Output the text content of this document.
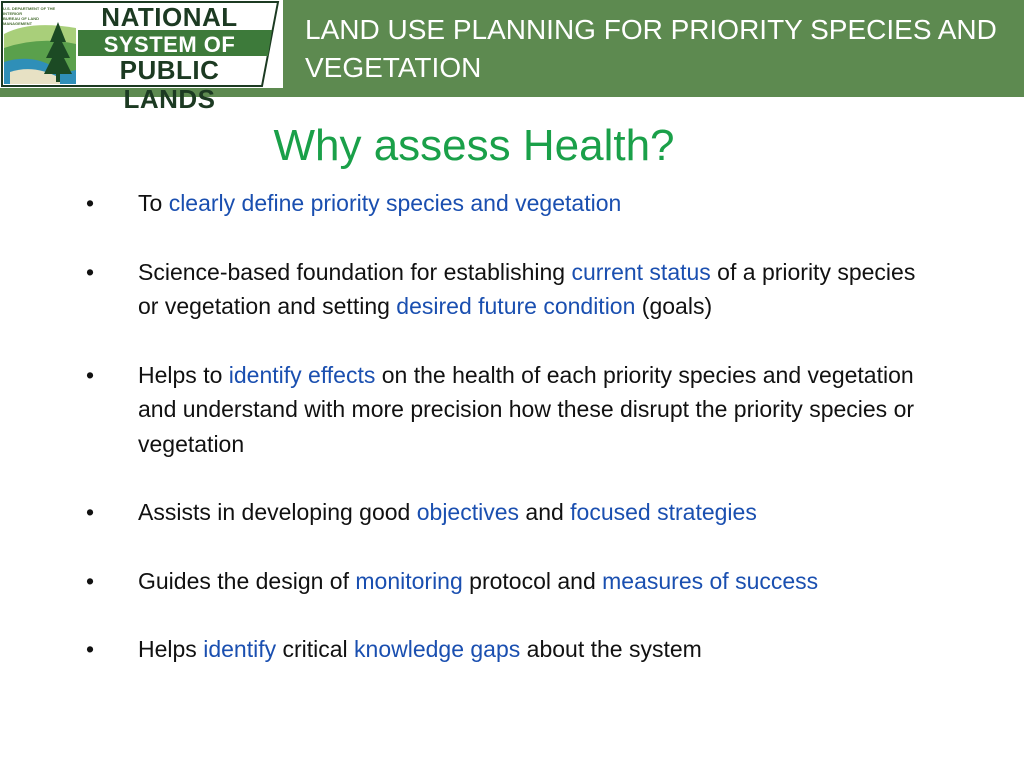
U.S. DEPARTMENT OF THE INTERIOR
BUREAU OF LAND MANAGEMENT	NATIONAL
SYSTEM OF
PUBLIC LANDS
LAND USE PLANNING FOR PRIORITY SPECIES AND VEGETATION
Why assess Health?
• To clearly define priority species and vegetation
• Science-based foundation for establishing current status of a priority species or vegetation and setting desired future condition (goals)
• Helps to identify effects on the health of each priority species and vegetation and understand with more precision how these disrupt the priority species or vegetation
• Assists in developing good objectives and focused strategies
• Guides the design of monitoring protocol and measures of success
• Helps identify critical knowledge gaps about the system
